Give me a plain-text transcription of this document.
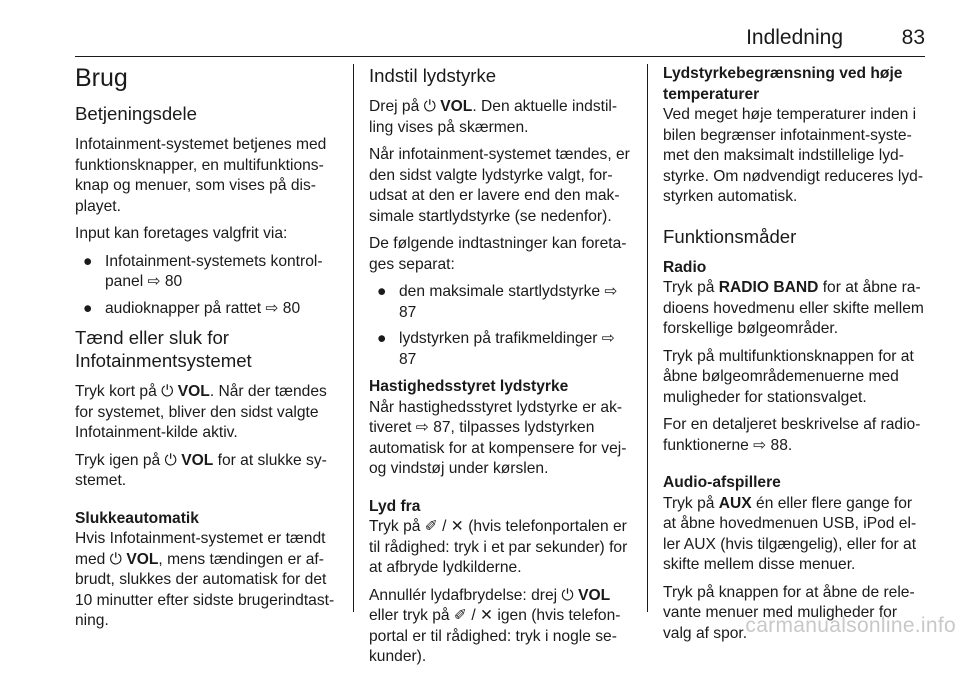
Indledning	83
Brug
Betjeningsdele

Infotainment-systemet betjenes med funktionsknapper, en multifunktionsknap og menuer, som vises på displayet.

Input kan foretages valgfrit via:

● Infotainment-systemets kontrolpanel ⇨ 80
● audioknapper på rattet ⇨ 80
Tænd eller sluk for Infotainmentsystemet

Tryk kort på ⏻ VOL. Når der tændes for systemet, bliver den sidst valgte Infotainment-kilde aktiv.

Tryk igen på ⏻ VOL for at slukke systemet.

Slukkeautomatik

Hvis Infotainment-systemet er tændt med ⏻ VOL, mens tændingen er afbrudt, slukkes der automatisk for det 10 minutter efter sidste brugerindtastning.

Indstil lydstyrke

Drej på ⏻ VOL. Den aktuelle indstilling vises på skærmen.

Når infotainment-systemet tændes, er den sidst valgte lydstyrke valgt, forudsat at den er lavere end den maksimale startlydstyrke (se nedenfor).

De følgende indtastninger kan foretages separat:

● den maksimale startlydstyrke ⇨ 87
● lydstyrken på trafikmeldinger ⇨ 87
Hastighedsstyret lydstyrke

Når hastighedsstyret lydstyrke er aktiveret ⇨ 87, tilpasses lydstyrken automatisk for at kompensere for vej- og vindstøj under kørslen.

Lyd fra

Tryk på ✐ / ✕ (hvis telefonportalen er til rådighed: tryk i et par sekunder) for at afbryde lydkilderne.

Annullér lydafbrydelse: drej ⏻ VOL eller tryk på ✐ / ✕ igen (hvis telefonportal er til rådighed: tryk i nogle sekunder).

Lydstyrkebegrænsning ved høje temperaturer

Ved meget høje temperaturer inden i bilen begrænser infotainment-systemet den maksimalt indstillelige lydstyrke. Om nødvendigt reduceres lydstyrken automatisk.

Funktionsmåder
Radio

Tryk på RADIO BAND for at åbne radioens hovedmenu eller skifte mellem forskellige bølgeområder.

Tryk på multifunktionsknappen for at åbne bølgeområdemenuerne med muligheder for stationsvalget.

For en detaljeret beskrivelse af radiofunktionerne ⇨ 88.

Audio-afspillere

Tryk på AUX én eller flere gange for at åbne hovedmenuen USB, iPod eller AUX (hvis tilgængelig), eller for at skifte mellem disse menuer.

Tryk på knappen for at åbne de relevante menuer med muligheder for valg af spor.

carmanualsonline.info
